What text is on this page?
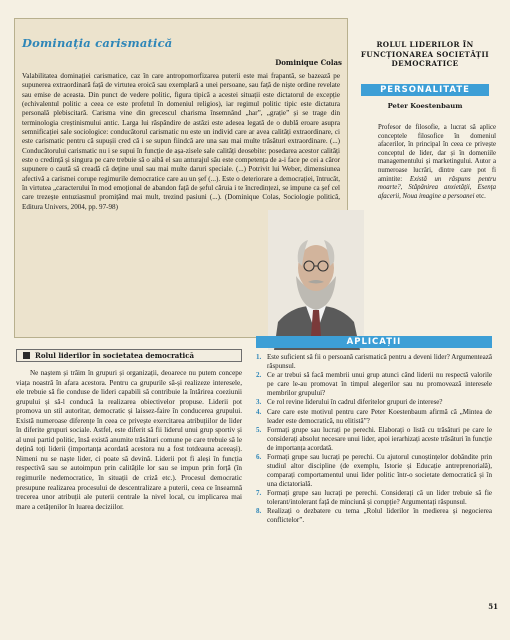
Dominația carismatică
Dominique Colas
Valabilitatea dominației carismatice, caz în care antropomorfizarea puterii este mai frapantă, se bazează pe supunerea extraordinară față de virtutea eroică sau exemplară a unei persoane, sau față de niște ordine revelate sau emise de aceasta. Din punct de vedere politic, figura tipică a acestei situații este dictatorul de excepție (echivalentul politic a ceea ce este profetul în domeniul religios), iar regimul politic tipic este dictatura personală plebiscitară. Carisma vine din grecescul charisma însemnând „har”, „grație” și se trage din terminologia creștinismului antic. Larga lui răspândire de astăzi este adesea legată de o dublă eroare asupra semnificației sale sociologice: conducătorul carismatic nu este un individ care ar avea calități extraordinare, ci este carismatic pentru că supușii cred că i se supun fiindcă are una sau mai multe trăsături extraordinare. (...) Conducătorului carismatic nu i se supui în funcție de așa-zisele sale calități deosebite: posedarea acestor calități este o credință și singura pe care trebuie să o aibă el sau anturajul său este competența de a-i face pe cei a căror supunere o caută să creadă că deține unul sau mai multe daruri speciale. (...) Potrivit lui Weber, dimensiunea afectivă a carismei corupe regimurile democratice care au un șef (...). Este o deteriorare a democrației, întrucât, în virtutea „caracterului în mod emoțional de abandon față de șeful căruia i te încredințezi, se impune ca șef cel care trezește entuziasmul promițând mai mult, trezind pasiuni (...). (Dominique Colas, Sociologie politică, Editura Univers, 2004, pp. 97-98)
ROLUL LIDERILOR ÎN FUNCȚIONAREA SOCIETĂȚII DEMOCRATICE
PERSONALITATE
Peter Koestenbaum
Profesor de filosofie, a lucrat să aplice conceptele filosofice în domeniul afacerilor, în principal în ceea ce privește conceptul de lider, dar și în domeniile managementului și marketingului. Autor a numeroase lucrări, dintre care pot fi amintite: Există un răspuns pentru moarte?, Stăpânirea anxietății, Esența afacerii, Noua imagine a persoanei etc.
Rolul liderilor în societatea democratică
Ne naștem și trăim în grupuri și organizații, deoarece nu putem concepe viața noastră în afara acestora. Pentru ca grupurile să-și realizeze interesele, ele trebuie să fie conduse de lideri capabili să contribuie la întărirea coeziunii grupului și să-l conducă la realizarea obiectivelor propuse. Liderii pot promova un stil autoritar, democratic și laissez-faire în conducerea grupului. Există numeroase diferențe în ceea ce privește exercitarea atribuțiilor de lider în diferite grupuri sociale. Astfel, este diferit să fii liderul unui grup sportiv și al unui partid politic, însă există anumite trăsături comune pe care trebuie să le dețină toți liderii (importanța acordată acestora nu a fost totdeauna aceeași). Nimeni nu se naște lider, ci poate să devină. Liderii pot fi aleși în funcția respectivă sau se autoimpun prin calitățile lor sau se impun prin forță (în regimurile nedemocratice, în situații de criză etc.). Procesul democratic presupune realizarea procesului de descentralizare a puterii, ceea ce înseamnă trecerea unor atribuții ale puterii centrale la nivel local, cu implicarea mai mare a cetățenilor în luarea deciziilor.
APLICAȚII
1. Este suficient să fii o persoană carismatică pentru a deveni lider? Argumentează răspunsul.
2. Ce ar trebui să facă membrii unui grup atunci când liderii nu respectă valorile pe care le-au promovat în timpul alegerilor sau nu promovează interesele membrilor grupului?
3. Ce rol revine liderului în cadrul diferitelor grupuri de interese?
4. Care care este motivul pentru care Peter Koestenbaum afirmă că „Mintea de leader este democratică, nu elitistă”?
5. Formați grupe sau lucrați pe perechi. Elaborați o listă cu trăsături pe care le considerați absolut necesare unui lider, apoi ierarhizați aceste trăsături în funcție de importanța acordată.
6. Formați grupe sau lucrați pe perechi. Cu ajutorul cunoștințelor dobândite prin studiul altor discipline (de exemplu, Istorie și Educație antreprenorială), comparați comportamentul unui lider politic într-o societate democratică și în una dictatorială.
7. Formați grupe sau lucrați pe perechi. Considerați că un lider trebuie să fie tolerant/intolerant față de minciună și corupție? Argumentați răspunsul.
8. Realizați o dezbatere cu tema „Rolul liderilor în medierea și negocierea conflictelor”.
51
